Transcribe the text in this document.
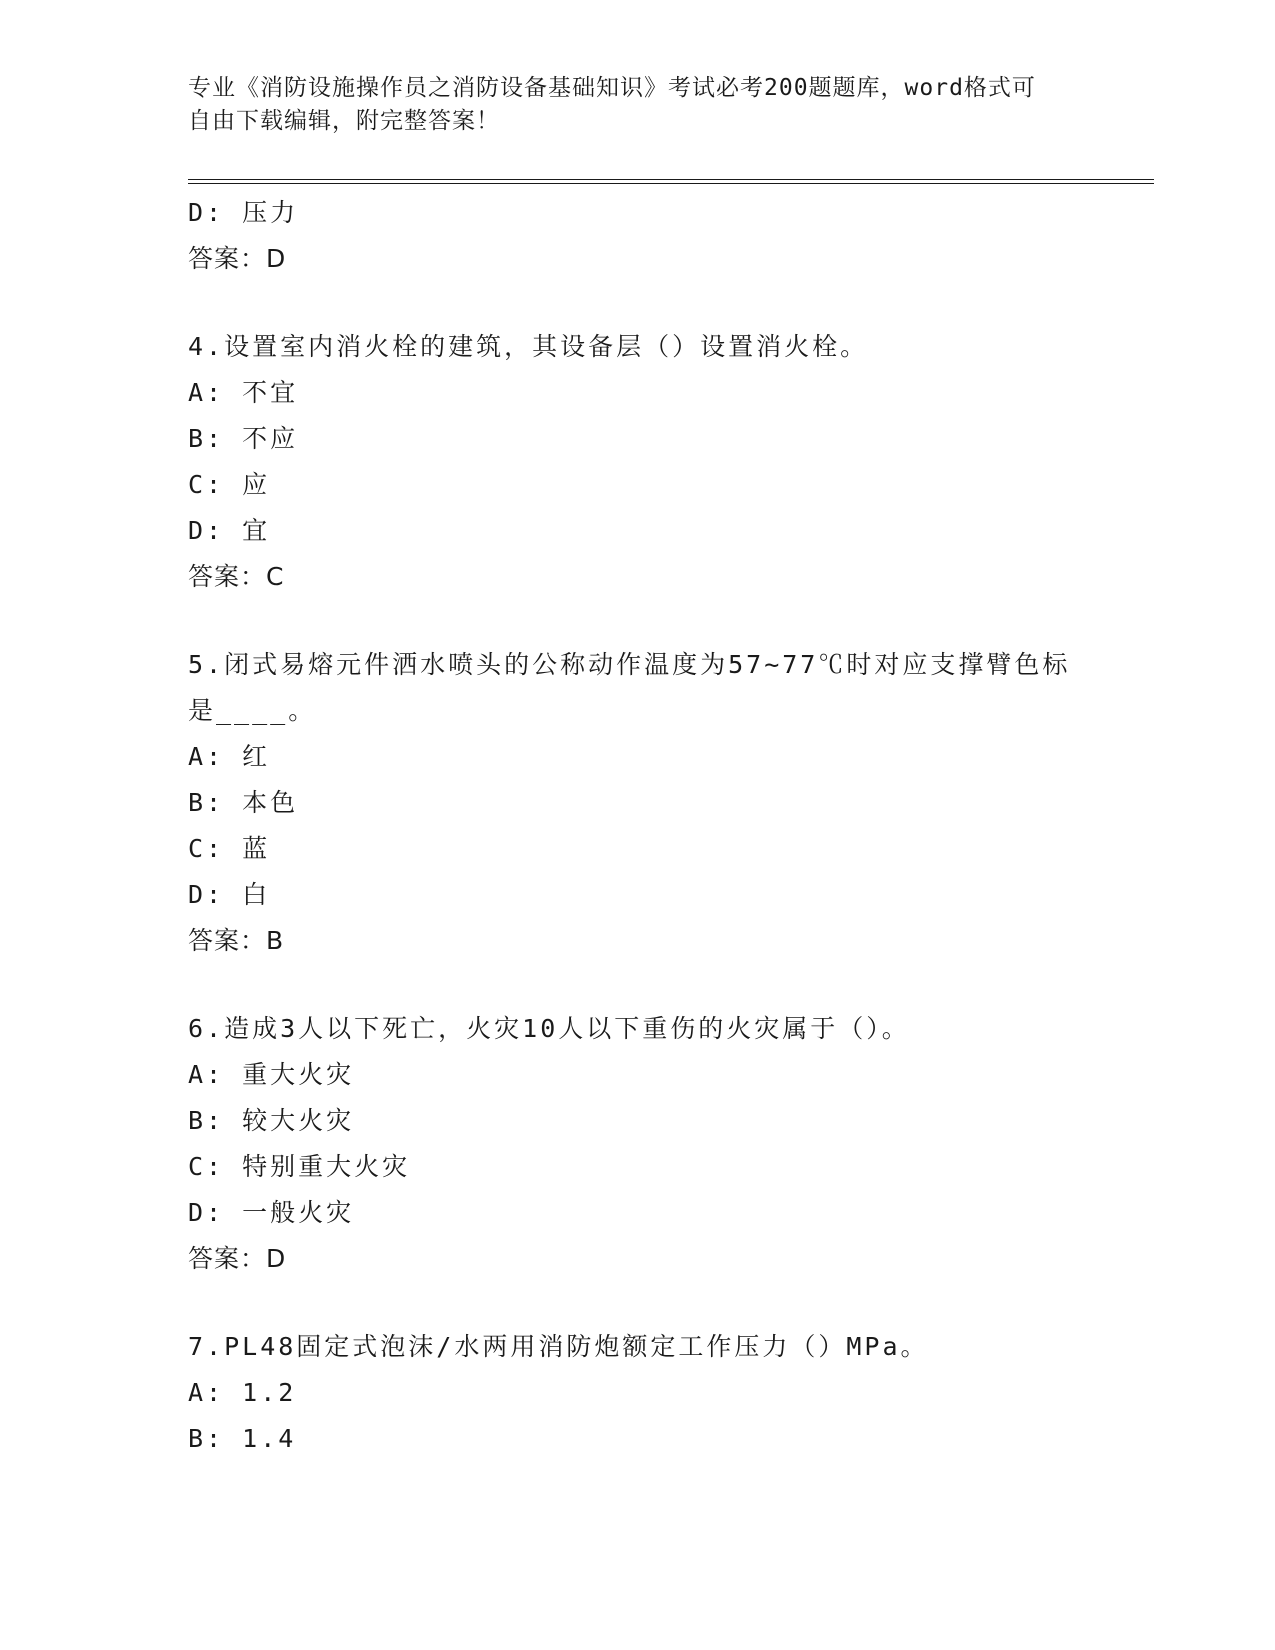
专业《消防设施操作员之消防设备基础知识》考试必考200题题库，word格式可
自由下载编辑，附完整答案！
D: 压力
答案：D
4.设置室内消火栓的建筑，其设备层（）设置消火栓。
A: 不宜
B: 不应
C: 应
D: 宜
答案：C
5.闭式易熔元件洒水喷头的公称动作温度为57~77℃时对应支撑臂色标
是____。
A: 红
B: 本色
C: 蓝
D: 白
答案：B
6.造成3人以下死亡，火灾10人以下重伤的火灾属于（）。
A: 重大火灾
B: 较大火灾
C: 特别重大火灾
D: 一般火灾
答案：D
7.PL48固定式泡沫/水两用消防炮额定工作压力（）MPa。
A: 1.2
B: 1.4
